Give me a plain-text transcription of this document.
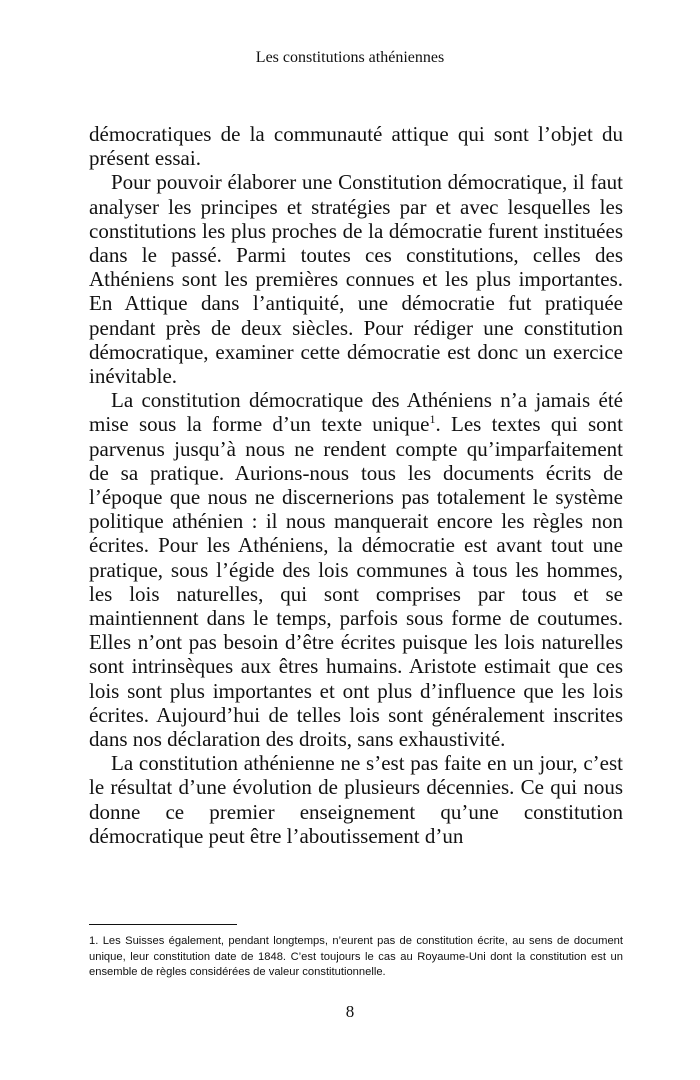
Les constitutions athéniennes

démocratiques de la communauté attique qui sont l’objet du présent essai.

Pour pouvoir élaborer une Constitution démocratique, il faut analyser les principes et stratégies par et avec lesquelles les constitutions les plus proches de la démocratie furent instituées dans le passé. Parmi toutes ces constitutions, celles des Athéniens sont les premières connues et les plus importantes. En Attique dans l’antiquité, une démocratie fut pratiquée pendant près de deux siècles. Pour rédiger une constitution démocratique, examiner cette démocratie est donc un exercice inévitable.

La constitution démocratique des Athéniens n’a jamais été mise sous la forme d’un texte unique$^1$. Les textes qui sont parvenus jusqu’à nous ne rendent compte qu’imparfaitement de sa pratique. Aurions-nous tous les documents écrits de l’époque que nous ne discernerions pas totalement le système politique athénien : il nous manquerait encore les règles non écrites. Pour les Athéniens, la démocratie est avant tout une pratique, sous l’égide des lois communes à tous les hommes, les lois naturelles, qui sont comprises par tous et se maintiennent dans le temps, parfois sous forme de coutumes. Elles n’ont pas besoin d’être écrites puisque les lois naturelles sont intrinsèques aux êtres humains. Aristote estimait que ces lois sont plus importantes et ont plus d’influence que les lois écrites. Aujourd’hui de telles lois sont généralement inscrites dans nos déclaration des droits, sans exhaustivité.

La constitution athénienne ne s’est pas faite en un jour, c’est le résultat d’une évolution de plusieurs décennies. Ce qui nous donne ce premier enseignement qu’une constitution démocratique peut être l’aboutissement d’un

1. Les Suisses également, pendant longtemps, n’eurent pas de constitution écrite, au sens de document unique, leur constitution date de 1848. C’est toujours le cas au Royaume-Uni dont la constitution est un ensemble de règles considérées de valeur constitutionnelle.

8
